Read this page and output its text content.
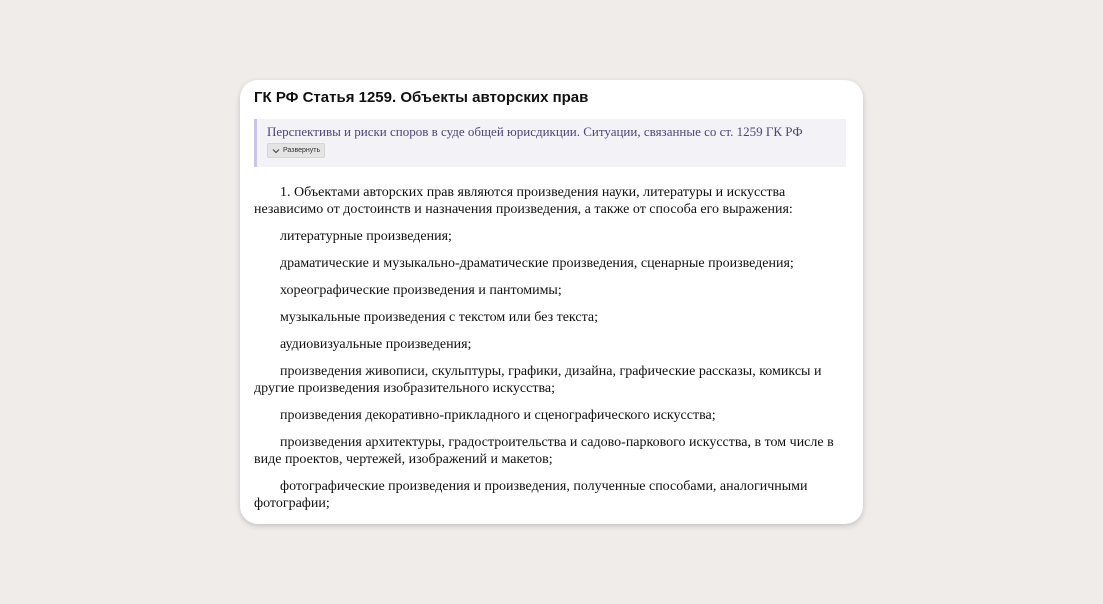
ГК РФ Статья 1259. Объекты авторских прав
Перспективы и риски споров в суде общей юрисдикции. Ситуации, связанные со ст. 1259 ГК РФ
Развернуть

1. Объектами авторских прав являются произведения науки, литературы и искусства независимо от достоинств и назначения произведения, а также от способа его выражения:

литературные произведения;

драматические и музыкально-драматические произведения, сценарные произведения;

хореографические произведения и пантомимы;

музыкальные произведения с текстом или без текста;

аудиовизуальные произведения;

произведения живописи, скульптуры, графики, дизайна, графические рассказы, комиксы и другие произведения изобразительного искусства;

произведения декоративно-прикладного и сценографического искусства;

произведения архитектуры, градостроительства и садово-паркового искусства, в том числе в виде проектов, чертежей, изображений и макетов;

фотографические произведения и произведения, полученные способами, аналогичными фотографии;
